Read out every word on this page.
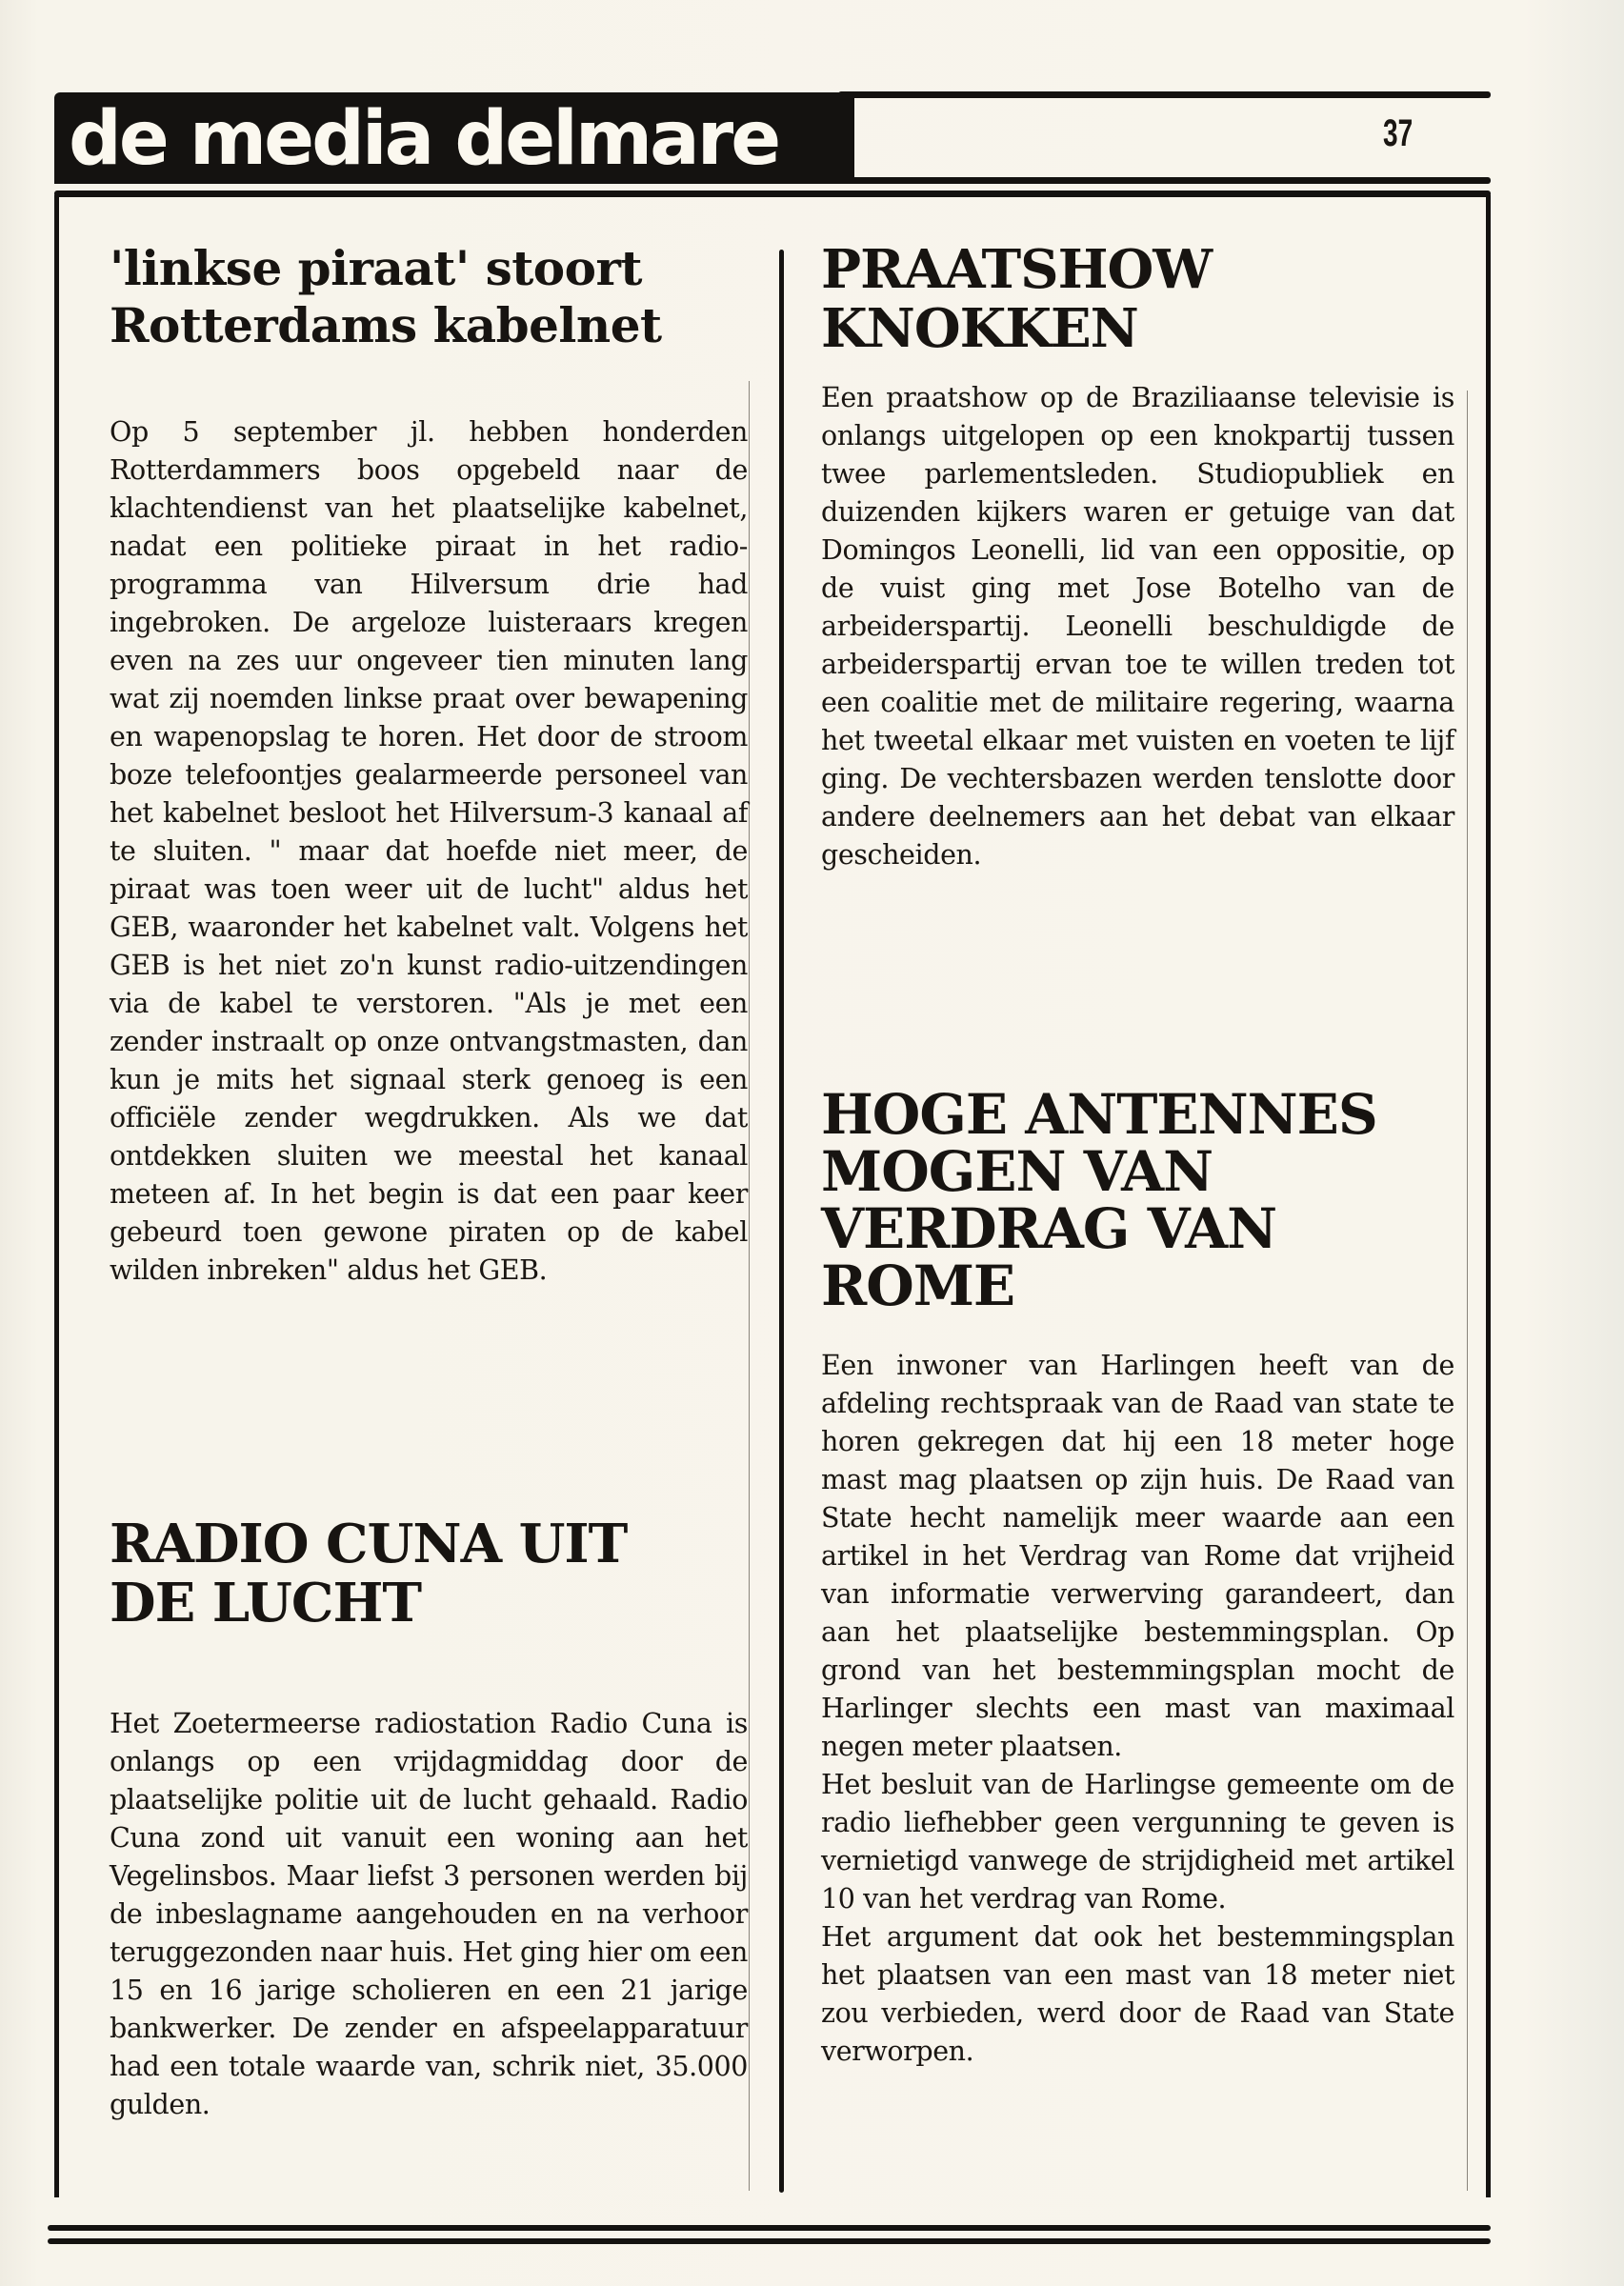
de media delmare	37
'linkse piraat' stoort
Rotterdams kabelnet

Op 5 september jl. hebben honderden Rotterdammers boos opgebeld naar de klachtendienst van het plaatselijke kabelnet, nadat een politieke piraat in het radio-programma van Hilversum drie had ingebroken. De argeloze luisteraars kregen even na zes uur ongeveer tien minuten lang wat zij noemden linkse praat over bewapening en wapenopslag te horen. Het door de stroom boze telefoontjes gealarmeerde personeel van het kabelnet besloot het Hilversum-3 kanaal af te sluiten. " maar dat hoefde niet meer, de piraat was toen weer uit de lucht" aldus het GEB, waaronder het kabelnet valt. Volgens het GEB is het niet zo'n kunst radio-uitzendingen via de kabel te verstoren. "Als je met een zender instraalt op onze ontvangstmasten, dan kun je mits het signaal sterk genoeg is een officiële zender wegdrukken. Als we dat ontdekken sluiten we meestal het kanaal meteen af. In het begin is dat een paar keer gebeurd toen gewone piraten op de kabel wilden inbreken" aldus het GEB.

RADIO CUNA UIT
DE LUCHT

Het Zoetermeerse radiostation Radio Cuna is onlangs op een vrijdagmiddag door de plaatselijke politie uit de lucht gehaald. Radio Cuna zond uit vanuit een woning aan het Vegelinsbos. Maar liefst 3 personen werden bij de inbeslagname aangehouden en na verhoor teruggezonden naar huis. Het ging hier om een 15 en 16 jarige scholieren en een 21 jarige bankwerker. De zender en afspeelapparatuur had een totale waarde van, schrik niet, 35.000 gulden.

PRAATSHOW
KNOKKEN

Een praatshow op de Braziliaanse televisie is onlangs uitgelopen op een knokpartij tussen twee parlementsleden. Studiopubliek en duizenden kijkers waren er getuige van dat Domingos Leonelli, lid van een oppositie, op de vuist ging met Jose Botelho van de arbeiderspartij. Leonelli beschuldigde de arbeiderspartij ervan toe te willen treden tot een coalitie met de militaire regering, waarna het tweetal elkaar met vuisten en voeten te lijf ging. De vechtersbazen werden tenslotte door andere deelnemers aan het debat van elkaar gescheiden.

HOGE ANTENNES
MOGEN VAN
VERDRAG VAN
ROME

Een inwoner van Harlingen heeft van de afdeling rechtspraak van de Raad van state te horen gekregen dat hij een 18 meter hoge mast mag plaatsen op zijn huis. De Raad van State hecht namelijk meer waarde aan een artikel in het Verdrag van Rome dat vrijheid van informatie verwerving garandeert, dan aan het plaatselijke bestemmingsplan. Op grond van het bestemmingsplan mocht de Harlinger slechts een mast van maximaal negen meter plaatsen.

Het besluit van de Harlingse gemeente om de radio liefhebber geen vergunning te geven is vernietigd vanwege de strijdigheid met artikel 10 van het verdrag van Rome.

Het argument dat ook het bestemmingsplan het plaatsen van een mast van 18 meter niet zou verbieden, werd door de Raad van State verworpen.
